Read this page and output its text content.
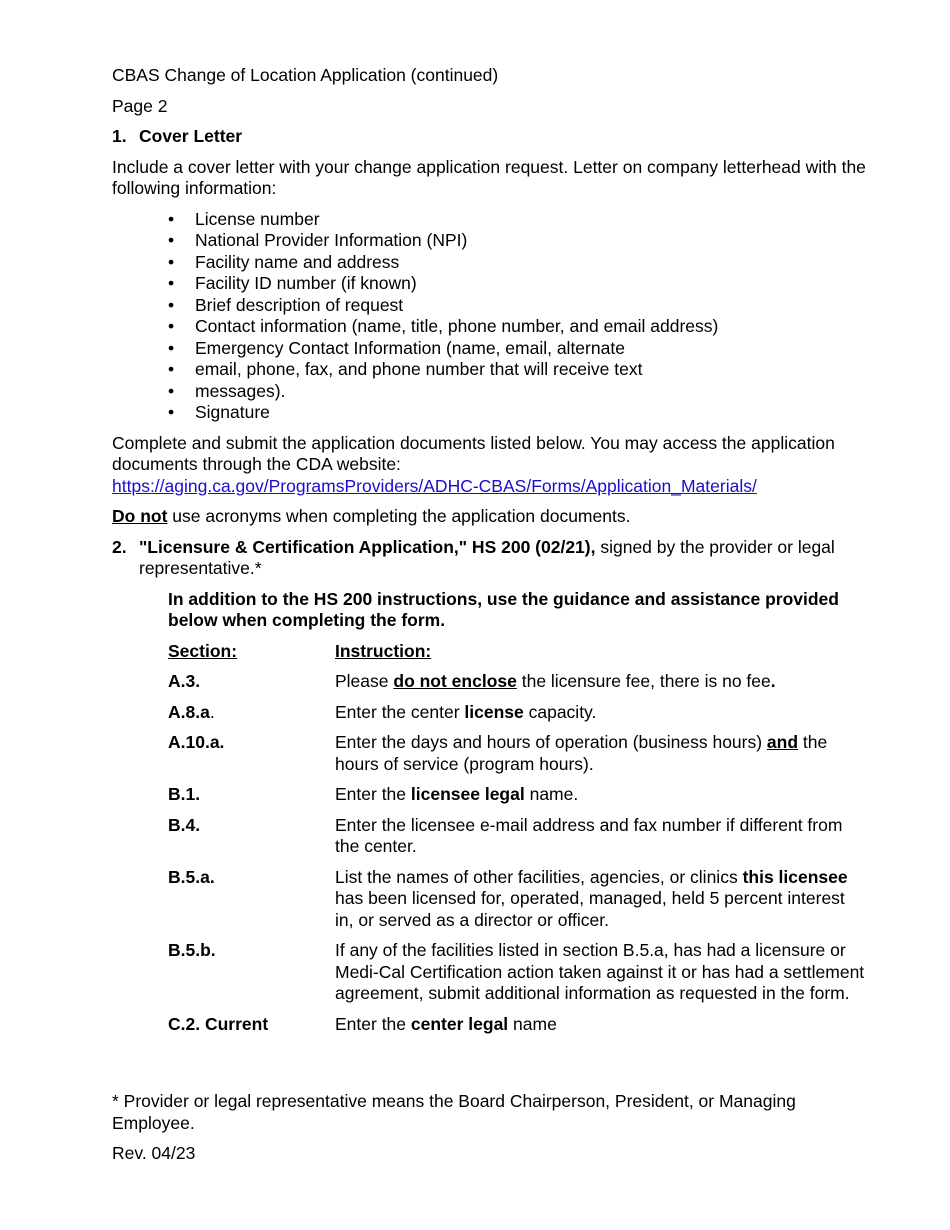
CBAS Change of Location Application (continued)

Page 2

1. Cover Letter

Include a cover letter with your change application request. Letter on company letterhead with the following information:

•	License number
•	National Provider Information (NPI)
•	Facility name and address
•	Facility ID number (if known)
•	Brief description of request
•	Contact information (name, title, phone number, and email address)
•	Emergency Contact Information (name, email, alternate
•	email, phone, fax, and phone number that will receive text
•	messages).
•	Signature

Complete and submit the application documents listed below. You may access the application documents through the CDA website:

https://aging.ca.gov/ProgramsProviders/ADHC-CBAS/Forms/Application_Materials/

Do not use acronyms when completing the application documents.

2. "Licensure & Certification Application," HS 200 (02/21), signed by the provider or legal representative.*

In addition to the HS 200 instructions, use the guidance and assistance provided below when completing the form.

Section:	Instruction:
A.3.	Please do not enclose the licensure fee, there is no fee.
A.8.a.	Enter the center license capacity.
A.10.a.	Enter the days and hours of operation (business hours) and the hours of service (program hours).
B.1.	Enter the licensee legal name.
B.4.	Enter the licensee e-mail address and fax number if different from the center.
B.5.a.	List the names of other facilities, agencies, or clinics this licensee has been licensed for, operated, managed, held 5 percent interest in, or served as a director or officer.
B.5.b.	If any of the facilities listed in section B.5.a, has had a licensure or Medi-Cal Certification action taken against it or has had a settlement agreement, submit additional information as requested in the form.
C.2. Current	Enter the center legal name

* Provider or legal representative means the Board Chairperson, President, or Managing Employee.

Rev. 04/23
